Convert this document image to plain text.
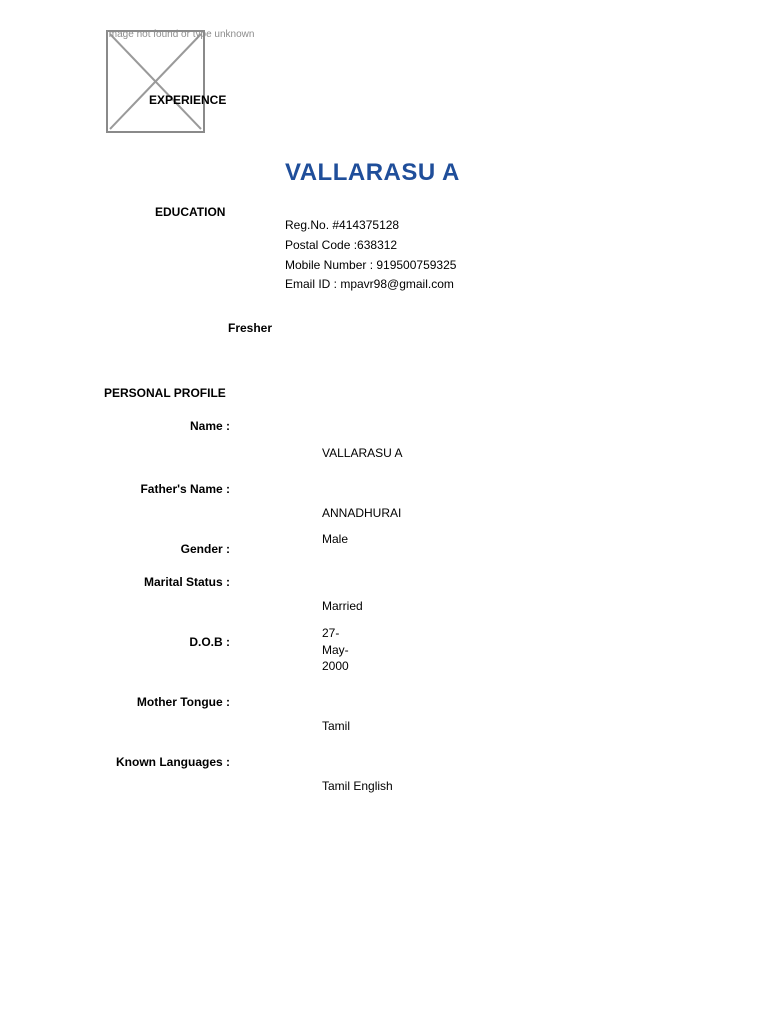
Image not found or type unknown
EXPERIENCE
VALLARASU A
EDUCATION
Reg.No. #414375128
Postal Code :638312
Mobile Number : 919500759325
Email ID : mpavr98@gmail.com
Fresher
PERSONAL PROFILE
Name :
VALLARASU A
Father's Name :
ANNADHURAI
Male
Gender :
Marital Status :
Married
27-
May-
2000
D.O.B :
Mother Tongue :
Tamil
Known Languages :
Tamil English
